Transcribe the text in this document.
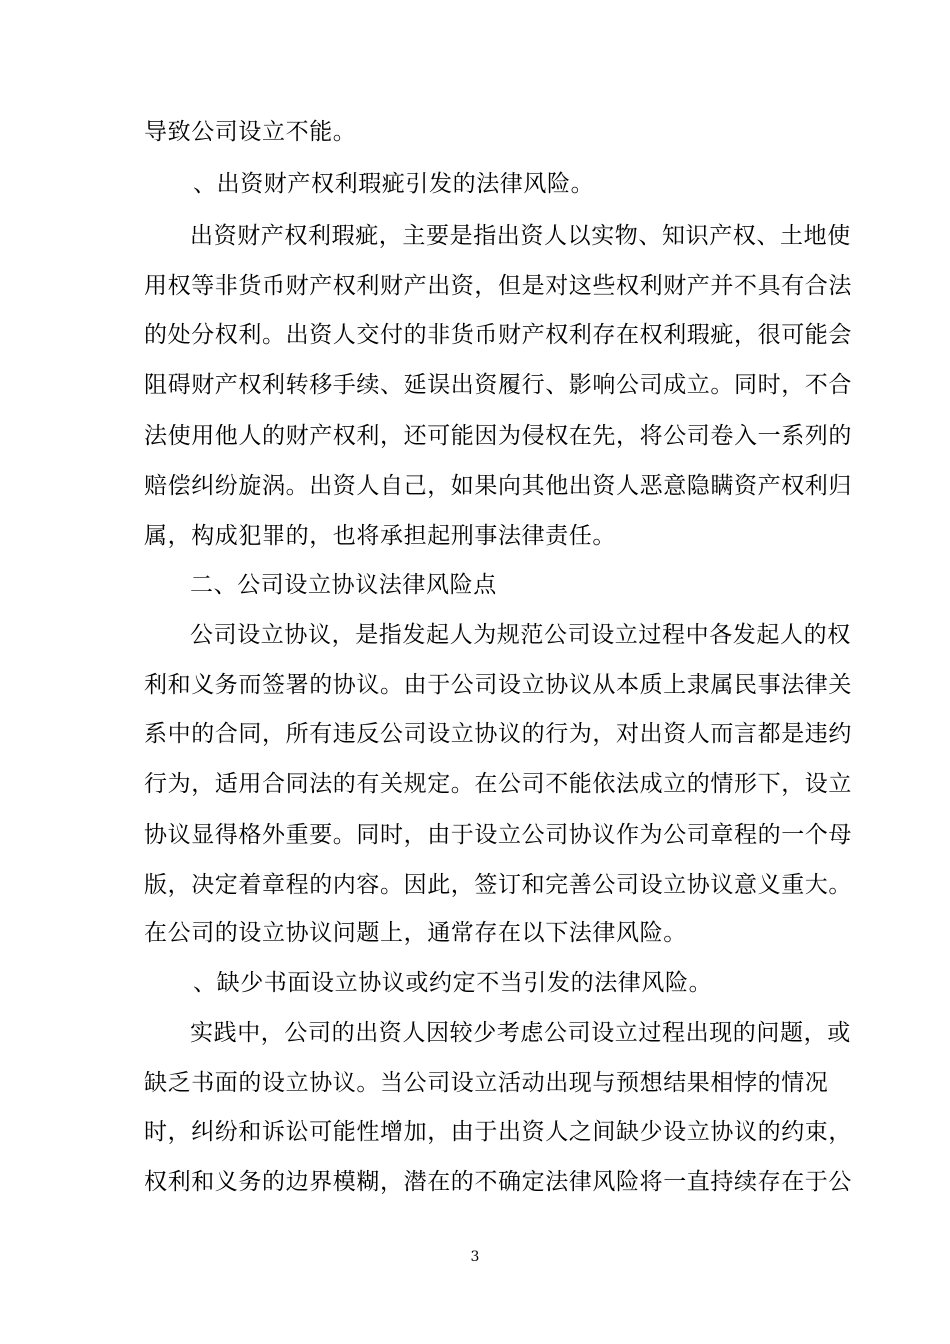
导致公司设立不能。
、出资财产权利瑕疵引发的法律风险。
出资财产权利瑕疵，主要是指出资人以实物、知识产权、土地使
用权等非货币财产权利财产出资，但是对这些权利财产并不具有合法
的处分权利。出资人交付的非货币财产权利存在权利瑕疵，很可能会
阻碍财产权利转移手续、延误出资履行、影响公司成立。同时，不合
法使用他人的财产权利，还可能因为侵权在先，将公司卷入一系列的
赔偿纠纷旋涡。出资人自己，如果向其他出资人恶意隐瞒资产权利归
属，构成犯罪的，也将承担起刑事法律责任。
二、公司设立协议法律风险点
公司设立协议，是指发起人为规范公司设立过程中各发起人的权
利和义务而签署的协议。由于公司设立协议从本质上隶属民事法律关
系中的合同，所有违反公司设立协议的行为，对出资人而言都是违约
行为，适用合同法的有关规定。在公司不能依法成立的情形下，设立
协议显得格外重要。同时，由于设立公司协议作为公司章程的一个母
版，决定着章程的内容。因此，签订和完善公司设立协议意义重大。
在公司的设立协议问题上，通常存在以下法律风险。
、缺少书面设立协议或约定不当引发的法律风险。
实践中，公司的出资人因较少考虑公司设立过程出现的问题，或
缺乏书面的设立协议。当公司设立活动出现与预想结果相悖的情况
时，纠纷和诉讼可能性增加，由于出资人之间缺少设立协议的约束，
权利和义务的边界模糊，潜在的不确定法律风险将一直持续存在于公
3
